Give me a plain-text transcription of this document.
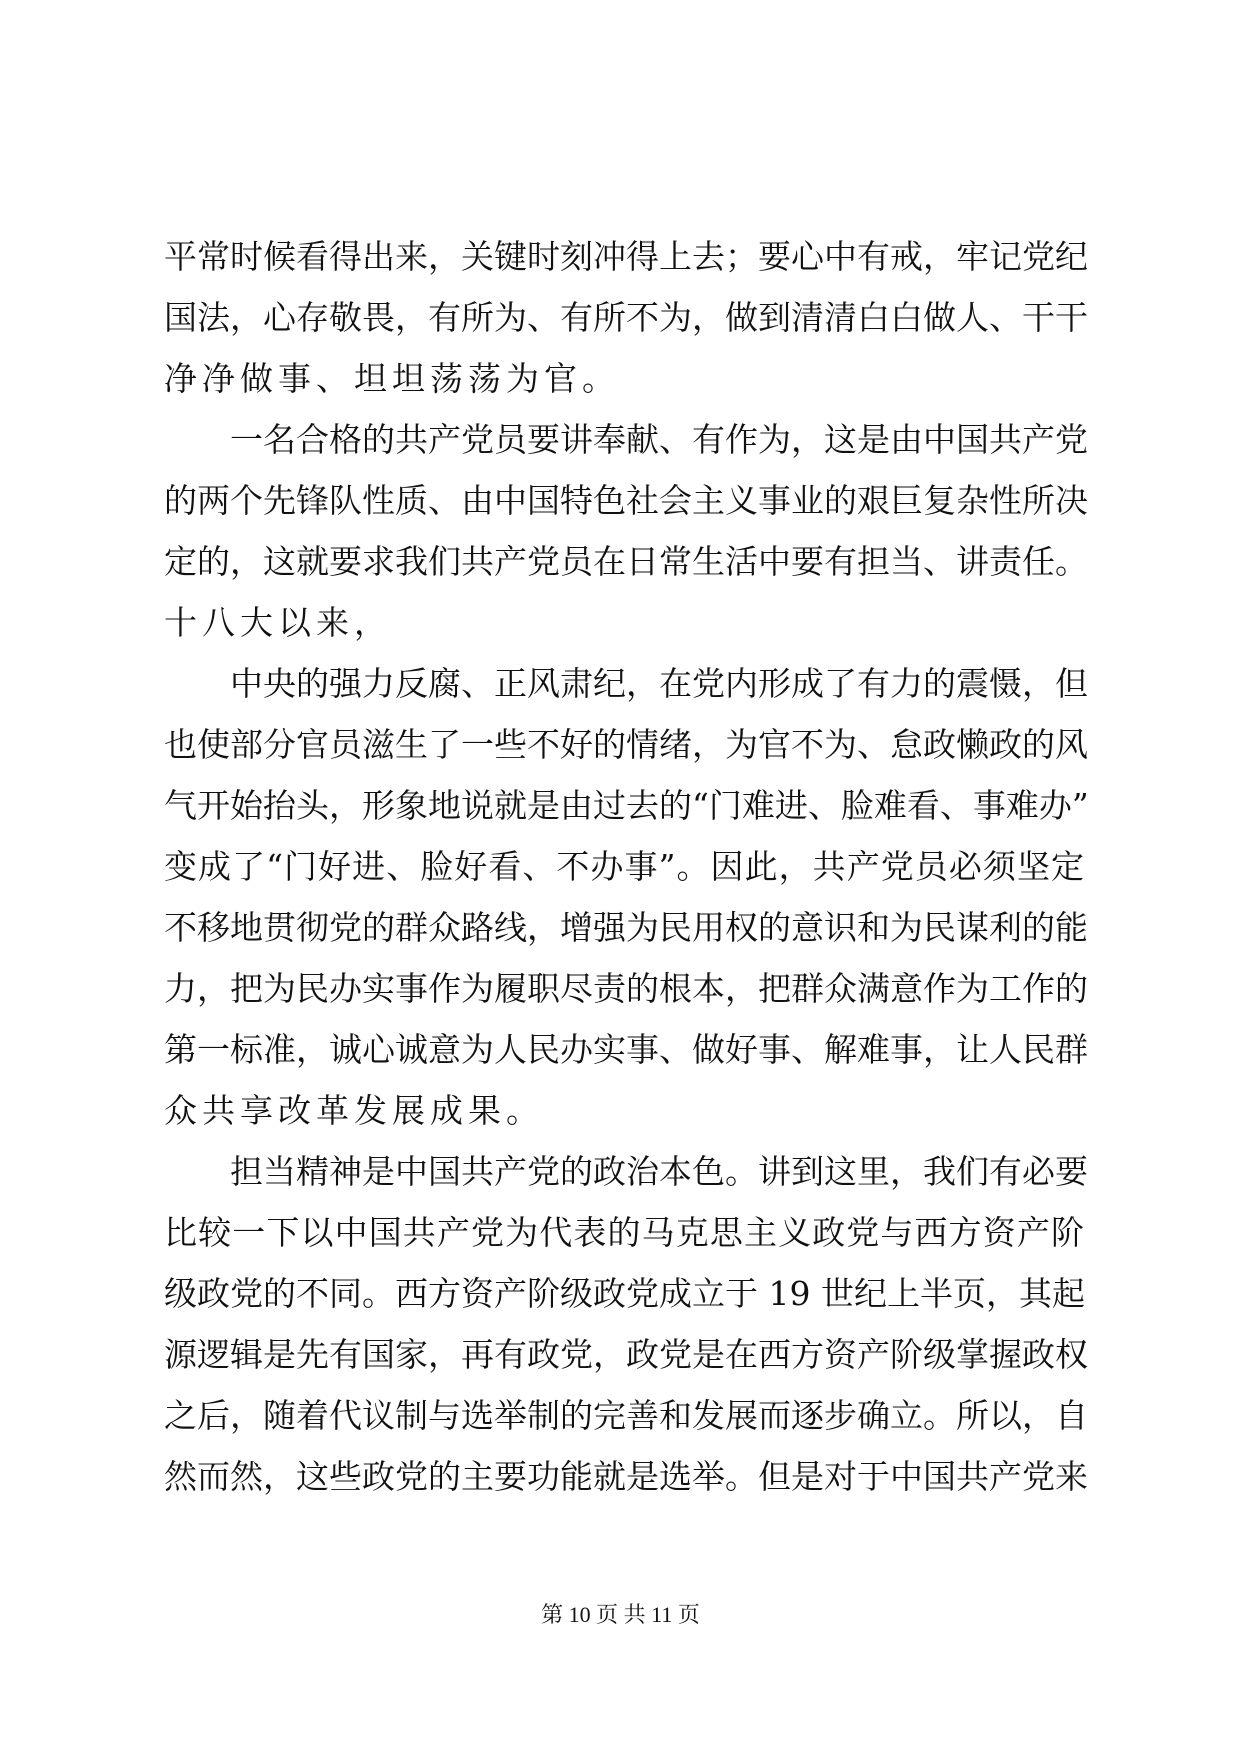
平常时候看得出来，关键时刻冲得上去；要心中有戒，牢记党纪
国法，心存敬畏，有所为、有所不为，做到清清白白做人、干干
净净做事、坦坦荡荡为官。
　　一名合格的共产党员要讲奉献、有作为，这是由中国共产党
的两个先锋队性质、由中国特色社会主义事业的艰巨复杂性所决
定的，这就要求我们共产党员在日常生活中要有担当、讲责任。
十八大以来，
　　中央的强力反腐、正风肃纪，在党内形成了有力的震慑，但
也使部分官员滋生了一些不好的情绪，为官不为、怠政懒政的风
气开始抬头，形象地说就是由过去的“门难进、脸难看、事难办”
变成了“门好进、脸好看、不办事”。因此，共产党员必须坚定
不移地贯彻党的群众路线，增强为民用权的意识和为民谋利的能
力，把为民办实事作为履职尽责的根本，把群众满意作为工作的
第一标准，诚心诚意为人民办实事、做好事、解难事，让人民群
众共享改革发展成果。
　　担当精神是中国共产党的政治本色。讲到这里，我们有必要
比较一下以中国共产党为代表的马克思主义政党与西方资产阶
级政党的不同。西方资产阶级政党成立于 19 世纪上半页，其起
源逻辑是先有国家，再有政党，政党是在西方资产阶级掌握政权
之后，随着代议制与选举制的完善和发展而逐步确立。所以，自
然而然，这些政党的主要功能就是选举。但是对于中国共产党来
第 10 页 共 11 页
